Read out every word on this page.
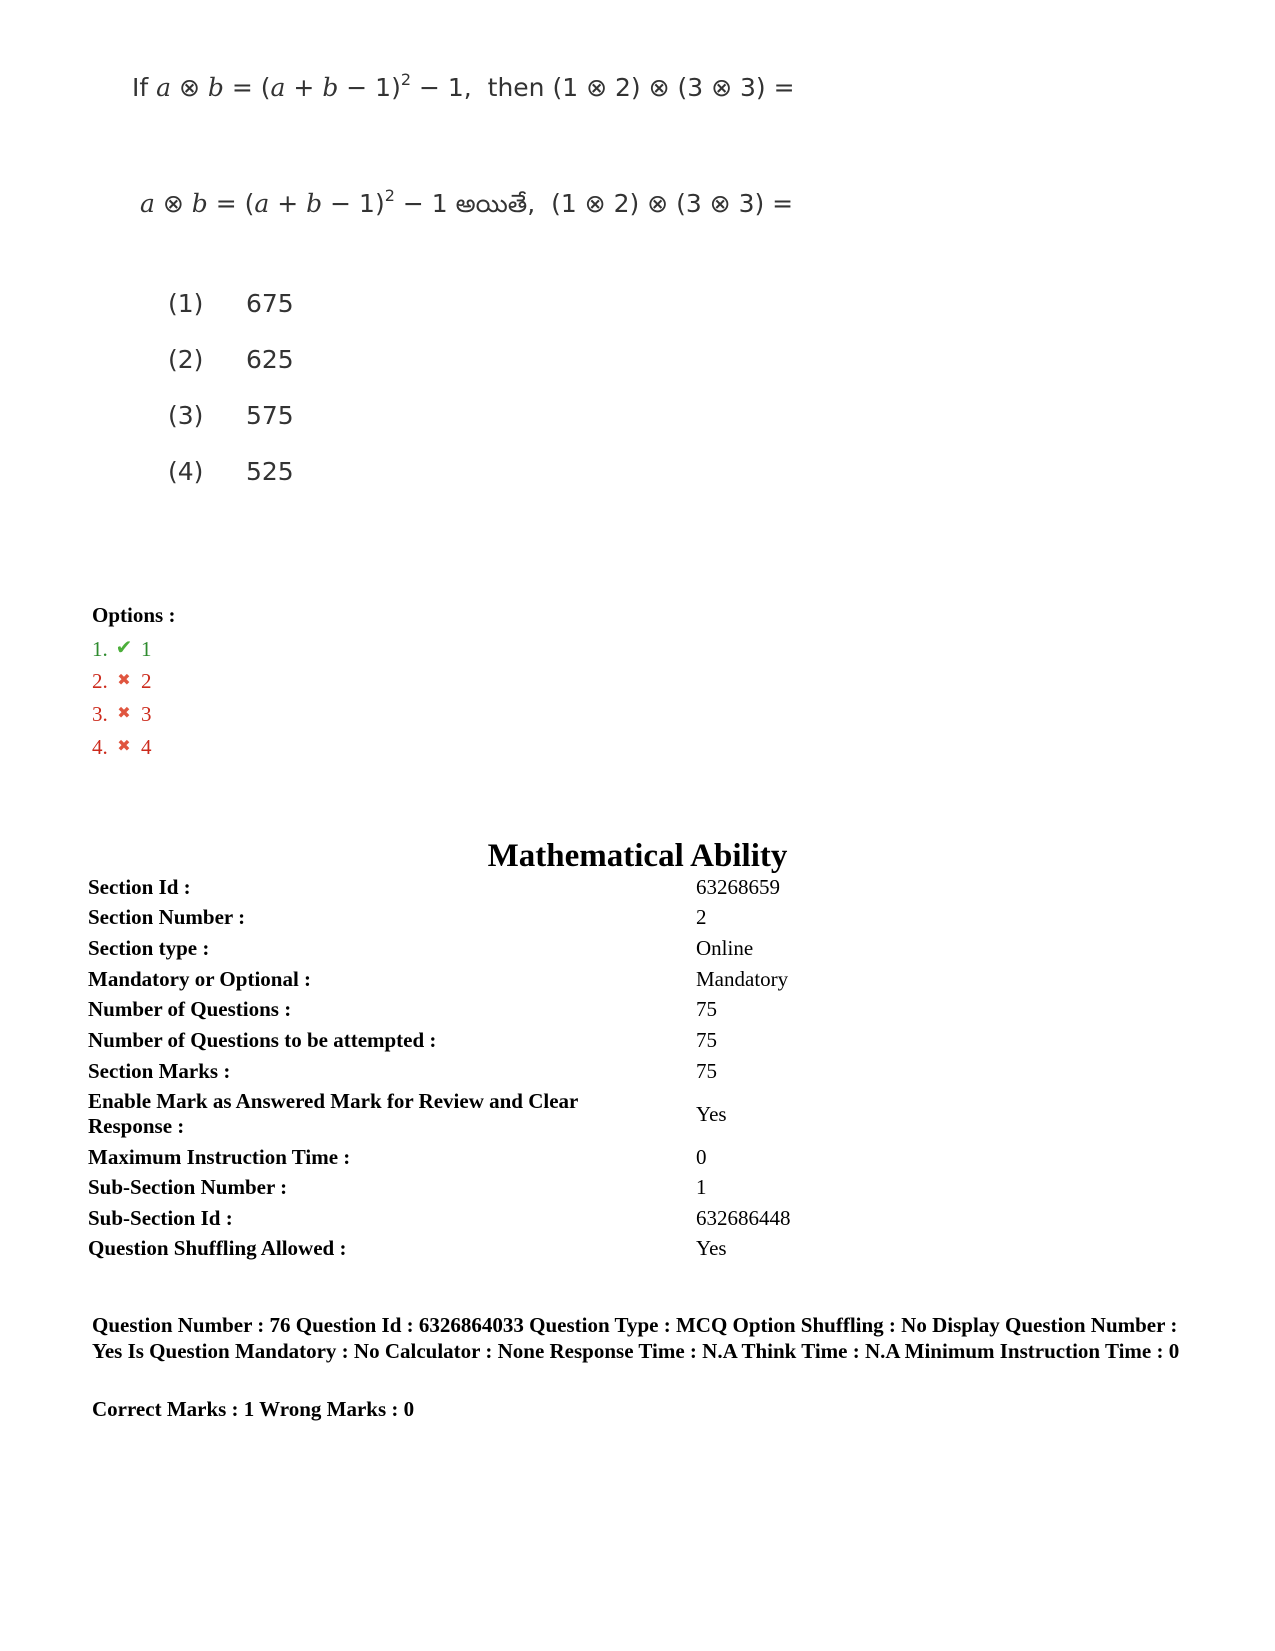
If a ⊗ $b = (a + b - 1)^2 - 1$, then (1 ⊗ 2) ⊗ (3 ⊗ 3) =
a ⊗ $b = (a + b - 1)^2 - 1$ అయితే, (1 ⊗ 2) ⊗ (3 ⊗ 3) =
(1) 675
(2) 625
(3) 575
(4) 525
Options :
1. ✔ 1
2. ✖ 2
3. ✖ 3
4. ✖ 4
Mathematical Ability
Section Id :	63268659
Section Number :	2
Section type :	Online
Mandatory or Optional :	Mandatory
Number of Questions :	75
Number of Questions to be attempted :	75
Section Marks :	75
Enable Mark as Answered Mark for Review and Clear Response :	Yes
Maximum Instruction Time :	0
Sub-Section Number :	1
Sub-Section Id :	632686448
Question Shuffling Allowed :	Yes
Question Number : 76 Question Id : 6326864033 Question Type : MCQ Option Shuffling : No Display Question Number : Yes Is Question Mandatory : No Calculator : None Response Time : N.A Think Time : N.A Minimum Instruction Time : 0
Correct Marks : 1 Wrong Marks : 0
